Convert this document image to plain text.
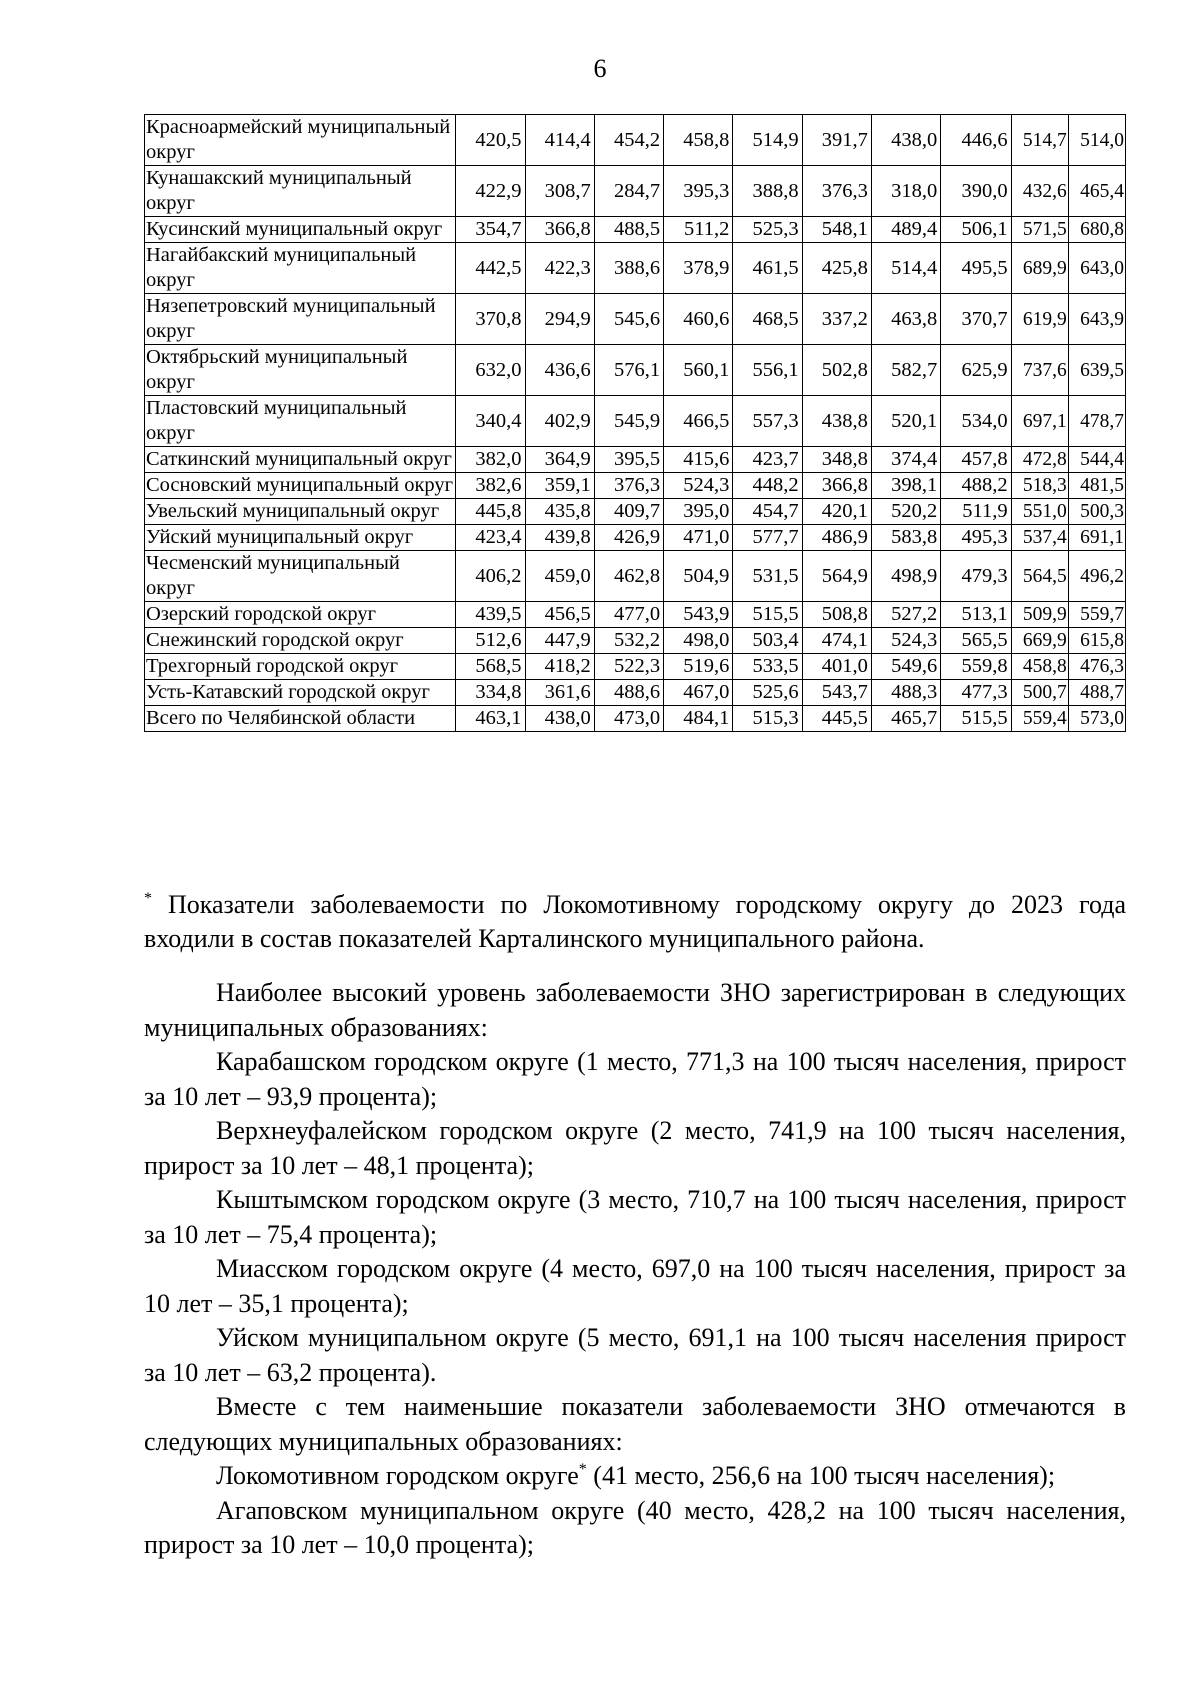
6
Красноармейский муниципальный округ	420,5	414,4	454,2	458,8	514,9	391,7	438,0	446,6	514,7	514,0
Кунашакский муниципальный округ	422,9	308,7	284,7	395,3	388,8	376,3	318,0	390,0	432,6	465,4
Кусинский муниципальный округ	354,7	366,8	488,5	511,2	525,3	548,1	489,4	506,1	571,5	680,8
Нагайбакский муниципальный округ	442,5	422,3	388,6	378,9	461,5	425,8	514,4	495,5	689,9	643,0
Нязепетровский муниципальный округ	370,8	294,9	545,6	460,6	468,5	337,2	463,8	370,7	619,9	643,9
Октябрьский муниципальный округ	632,0	436,6	576,1	560,1	556,1	502,8	582,7	625,9	737,6	639,5
Пластовский муниципальный округ	340,4	402,9	545,9	466,5	557,3	438,8	520,1	534,0	697,1	478,7
Саткинский муниципальный округ	382,0	364,9	395,5	415,6	423,7	348,8	374,4	457,8	472,8	544,4
Сосновский муниципальный округ	382,6	359,1	376,3	524,3	448,2	366,8	398,1	488,2	518,3	481,5
Увельский муниципальный округ	445,8	435,8	409,7	395,0	454,7	420,1	520,2	511,9	551,0	500,3
Уйский муниципальный округ	423,4	439,8	426,9	471,0	577,7	486,9	583,8	495,3	537,4	691,1
Чесменский муниципальный округ	406,2	459,0	462,8	504,9	531,5	564,9	498,9	479,3	564,5	496,2
Озерский городской округ	439,5	456,5	477,0	543,9	515,5	508,8	527,2	513,1	509,9	559,7
Снежинский городской округ	512,6	447,9	532,2	498,0	503,4	474,1	524,3	565,5	669,9	615,8
Трехгорный городской округ	568,5	418,2	522,3	519,6	533,5	401,0	549,6	559,8	458,8	476,3
Усть-Катавский городской округ	334,8	361,6	488,6	467,0	525,6	543,7	488,3	477,3	500,7	488,7
Всего по Челябинской области	463,1	438,0	473,0	484,1	515,3	445,5	465,7	515,5	559,4	573,0
* Показатели заболеваемости по Локомотивному городскому округу до 2023 года входили в состав показателей Карталинского муниципального района.

Наиболее высокий уровень заболеваемости ЗНО зарегистрирован в следующих муниципальных образованиях:

Карабашском городском округе (1 место, 771,3 на 100 тысяч населения, прирост за 10 лет – 93,9 процента);

Верхнеуфалейском городском округе (2 место, 741,9 на 100 тысяч населения, прирост за 10 лет – 48,1 процента);

Кыштымском городском округе (3 место, 710,7 на 100 тысяч населения, прирост за 10 лет – 75,4 процента);

Миасском городском округе (4 место, 697,0 на 100 тысяч населения, прирост за 10 лет – 35,1 процента);

Уйском муниципальном округе (5 место, 691,1 на 100 тысяч населения прирост за 10 лет – 63,2 процента).

Вместе с тем наименьшие показатели заболеваемости ЗНО отмечаются в следующих муниципальных образованиях:

Локомотивном городском округе* (41 место, 256,6 на 100 тысяч населения);

Агаповском муниципальном округе (40 место, 428,2 на 100 тысяч населения, прирост за 10 лет – 10,0 процента);
